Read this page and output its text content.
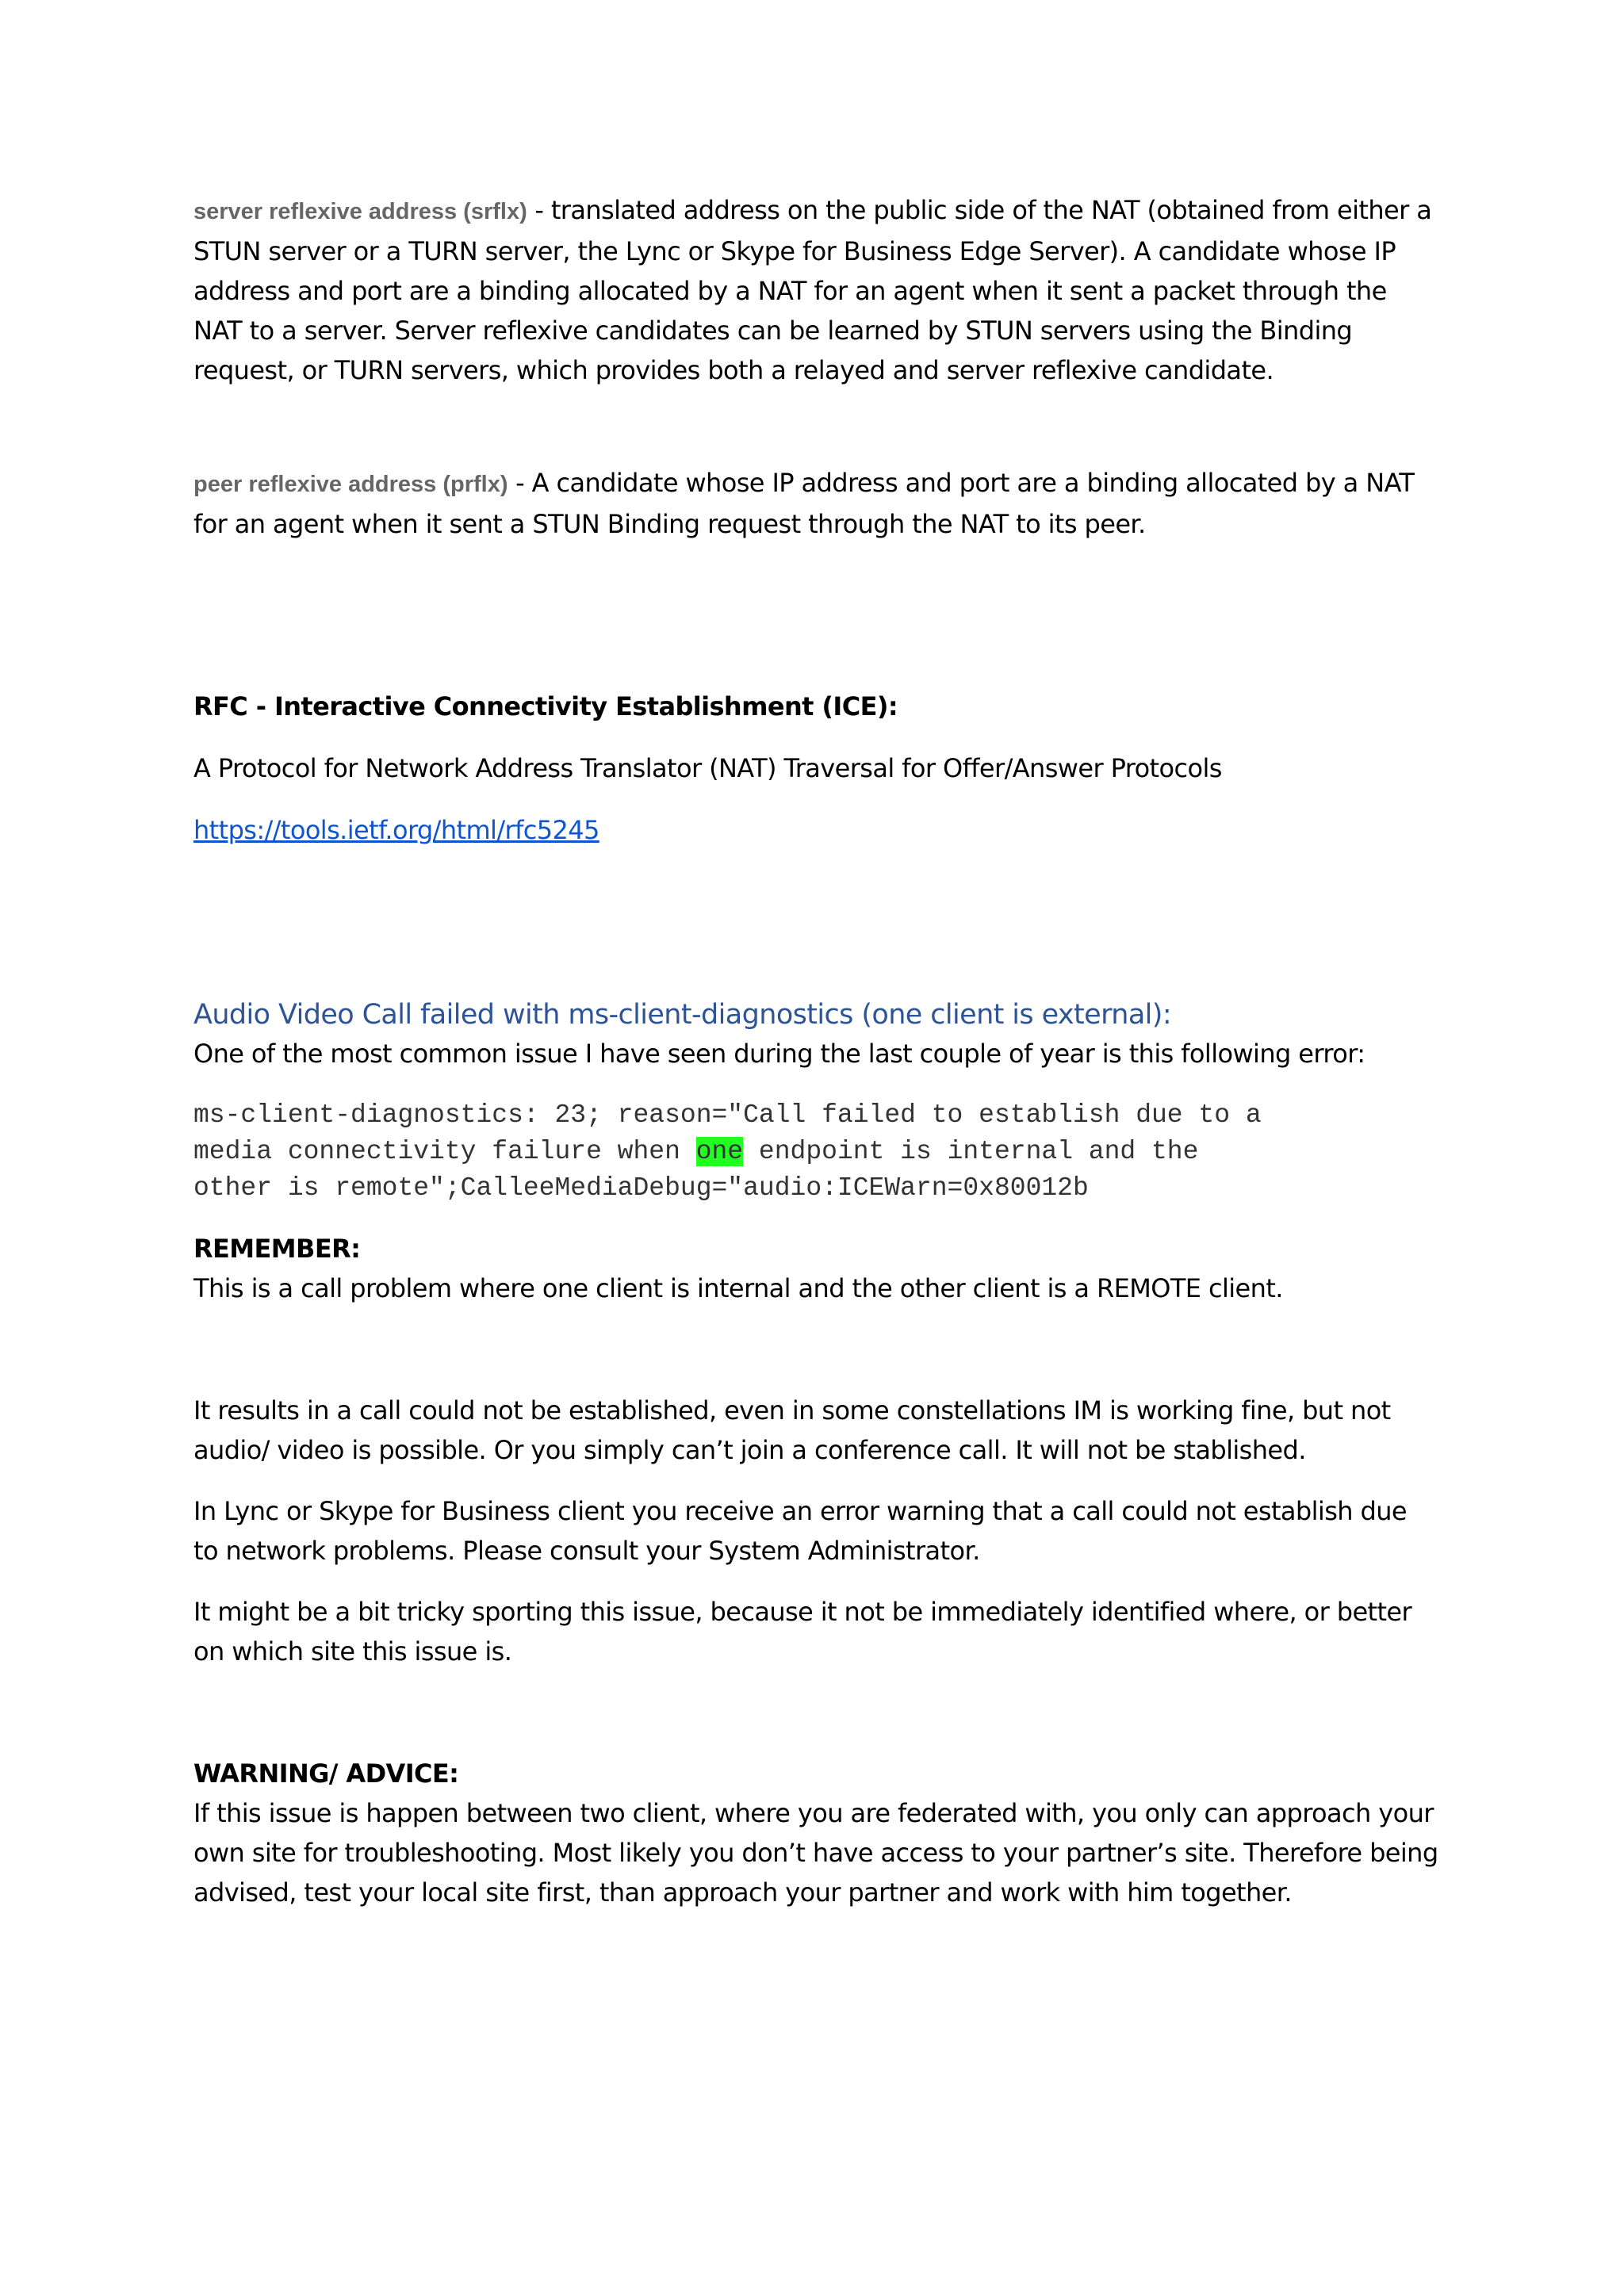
server reflexive address (srflx) - translated address on the public side of the NAT (obtained from either a STUN server or a TURN server, the Lync or Skype for Business Edge Server). A candidate whose IP address and port are a binding allocated by a NAT for an agent when it sent a packet through the NAT to a server. Server reflexive candidates can be learned by STUN servers using the Binding request, or TURN servers, which provides both a relayed and server reflexive candidate.

peer reflexive address (prflx) - A candidate whose IP address and port are a binding allocated by a NAT for an agent when it sent a STUN Binding request through the NAT to its peer.

RFC - Interactive Connectivity Establishment (ICE):

A Protocol for Network Address Translator (NAT) Traversal for Offer/Answer Protocols

https://tools.ietf.org/html/rfc5245

Audio Video Call failed with ms-client-diagnostics (one client is external):

One of the most common issue I have seen during the last couple of year is this following error:

ms-client-diagnostics: 23; reason="Call failed to establish due to a
media connectivity failure when one endpoint is internal and the
other is remote";CalleeMediaDebug="audio:ICEWarn=0x80012b

REMEMBER:

This is a call problem where one client is internal and the other client is a REMOTE client.

It results in a call could not be established, even in some constellations IM is working fine, but not audio/ video is possible. Or you simply can’t join a conference call. It will not be stablished.

In Lync or Skype for Business client you receive an error warning that a call could not establish due to network problems. Please consult your System Administrator.

It might be a bit tricky sporting this issue, because it not be immediately identified where, or better on which site this issue is.

WARNING/ ADVICE:

If this issue is happen between two client, where you are federated with, you only can approach your own site for troubleshooting. Most likely you don’t have access to your partner’s site. Therefore being advised, test your local site first, than approach your partner and work with him together.
